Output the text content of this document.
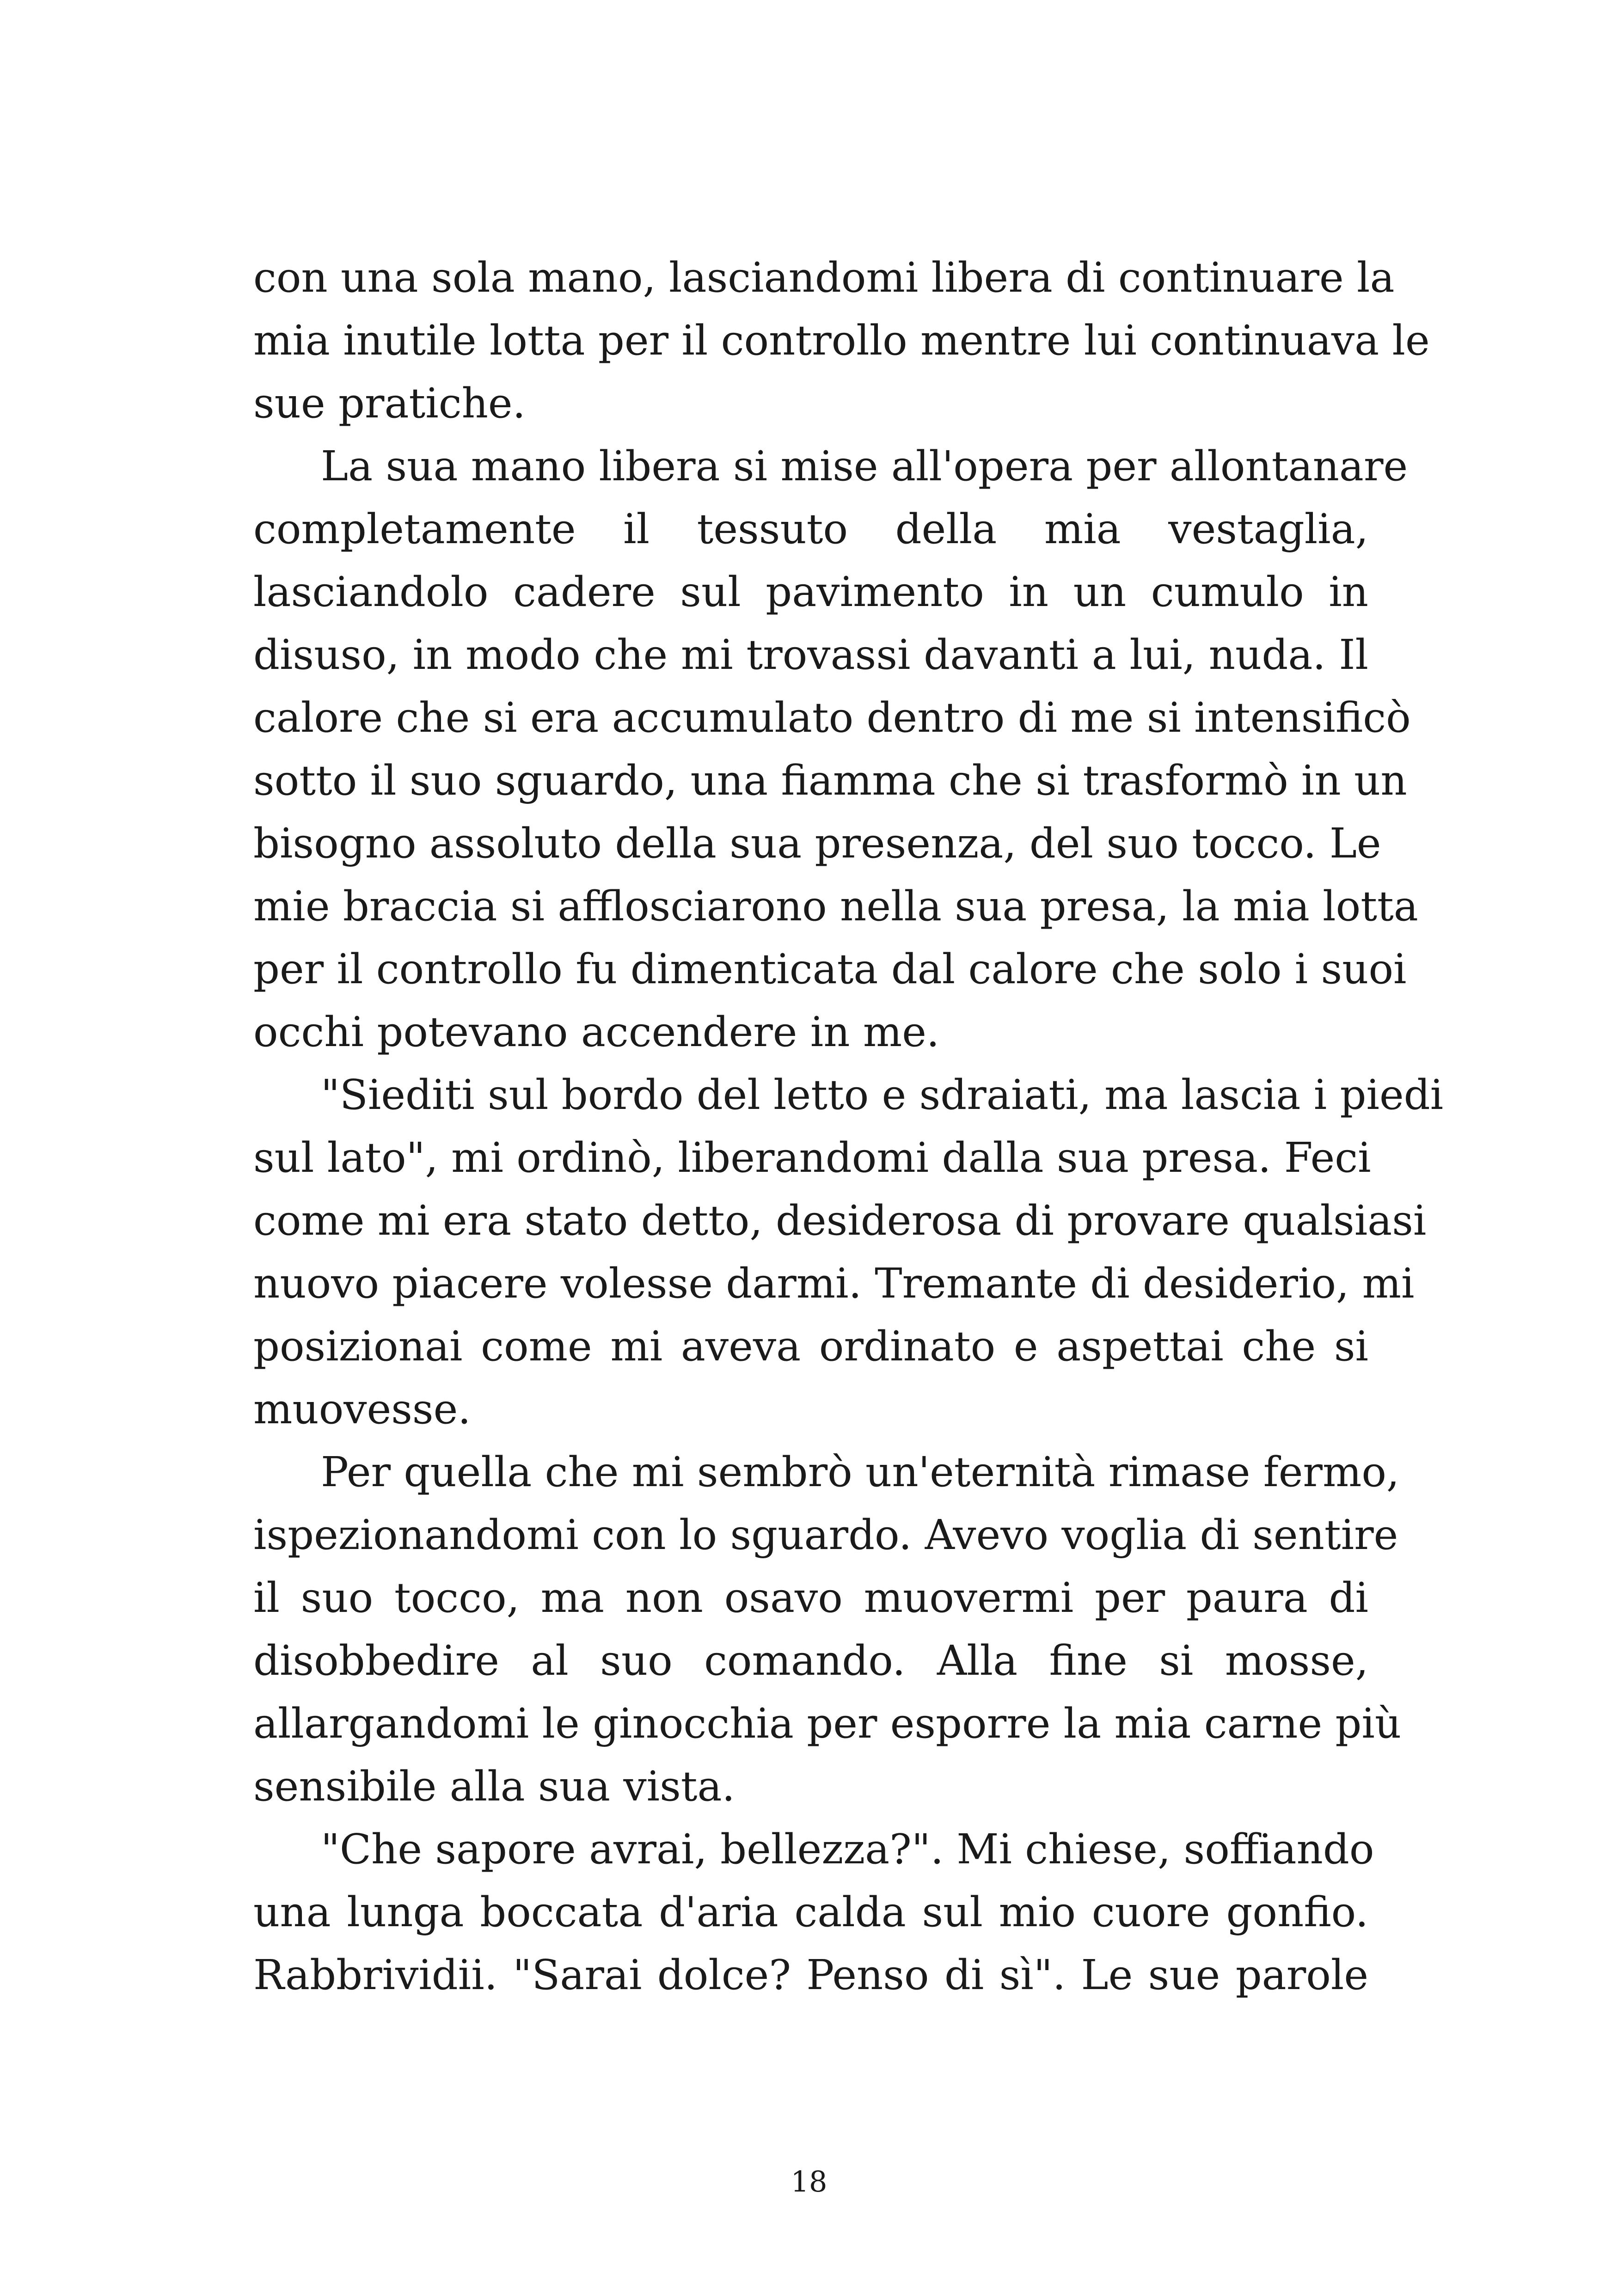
con una sola mano, lasciandomi libera di continuare la

mia inutile lotta per il controllo mentre lui continuava le

sue pratiche.

La sua mano libera si mise all'opera per allontanare

completamente il tessuto della mia vestaglia,

lasciandolo cadere sul pavimento in un cumulo in

disuso, in modo che mi trovassi davanti a lui, nuda. Il

calore che si era accumulato dentro di me si intensificò

sotto il suo sguardo, una fiamma che si trasformò in un

bisogno assoluto della sua presenza, del suo tocco. Le

mie braccia si afflosciarono nella sua presa, la mia lotta

per il controllo fu dimenticata dal calore che solo i suoi

occhi potevano accendere in me.

"Siediti sul bordo del letto e sdraiati, ma lascia i piedi

sul lato", mi ordinò, liberandomi dalla sua presa. Feci

come mi era stato detto, desiderosa di provare qualsiasi

nuovo piacere volesse darmi. Tremante di desiderio, mi

posizionai come mi aveva ordinato e aspettai che si

muovesse.

Per quella che mi sembrò un'eternità rimase fermo,

ispezionandomi con lo sguardo. Avevo voglia di sentire

il suo tocco, ma non osavo muovermi per paura di

disobbedire al suo comando. Alla fine si mosse,

allargandomi le ginocchia per esporre la mia carne più

sensibile alla sua vista.

"Che sapore avrai, bellezza?". Mi chiese, soffiando

una lunga boccata d'aria calda sul mio cuore gonfio.

Rabbrividii. "Sarai dolce? Penso di sì". Le sue parole

18
